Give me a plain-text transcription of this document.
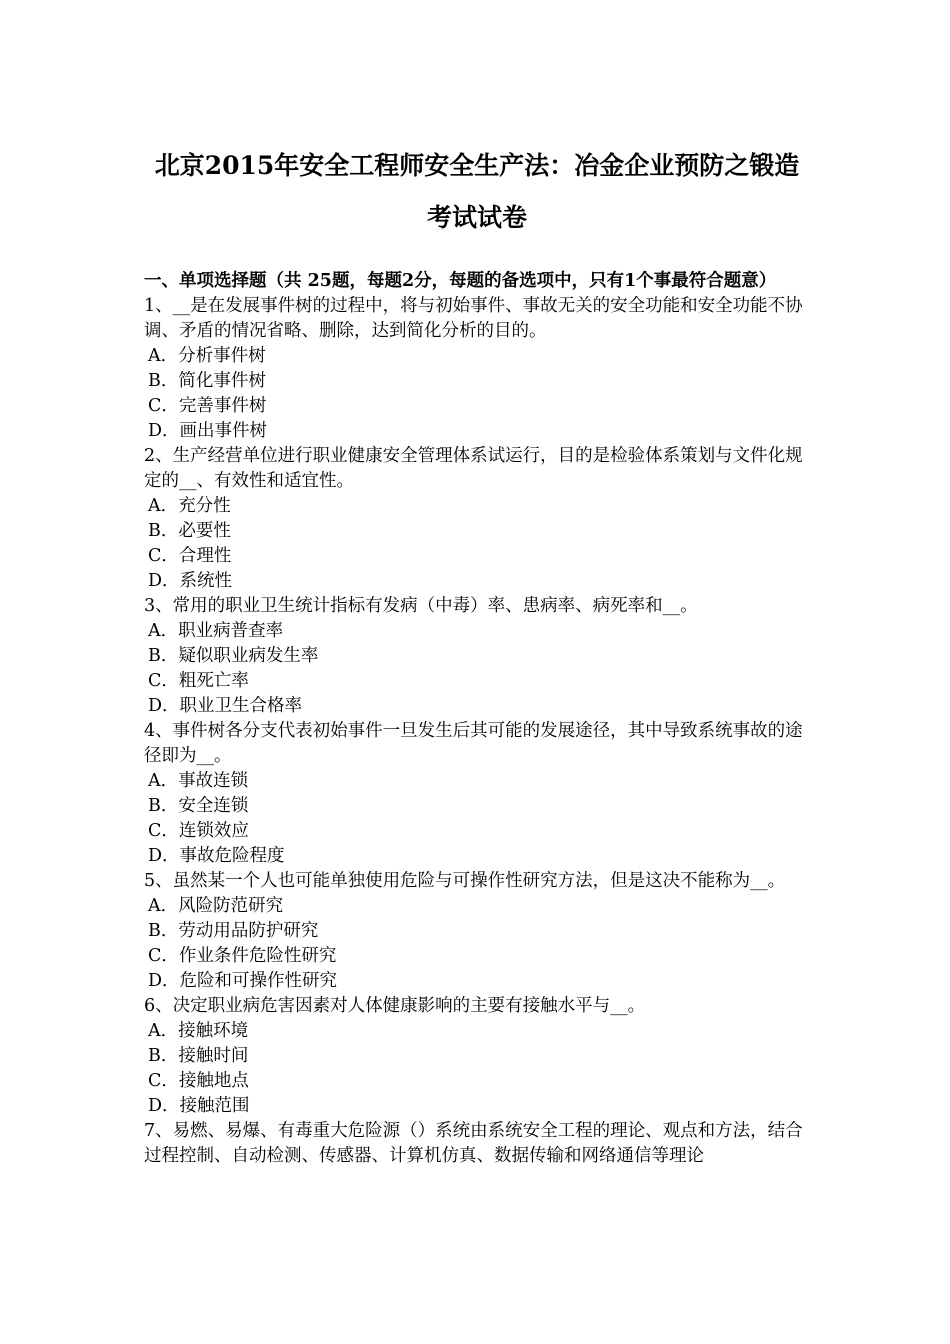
北京2015年安全工程师安全生产法：冶金企业预防之锻造
考试试卷
一、单项选择题（共 25题，每题2分，每题的备选项中，只有1个事最符合题意）

1、__是在发展事件树的过程中，将与初始事件、事故无关的安全功能和安全功能不协调、矛盾的情况省略、删除，达到简化分析的目的。

A．分析事件树
B．简化事件树
C．完善事件树
D．画出事件树

2、生产经营单位进行职业健康安全管理体系试运行，目的是检验体系策划与文件化规定的__、有效性和适宜性。

A．充分性
B．必要性
C．合理性
D．系统性

3、常用的职业卫生统计指标有发病（中毒）率、患病率、病死率和__。

A．职业病普查率
B．疑似职业病发生率
C．粗死亡率
D．职业卫生合格率

4、事件树各分支代表初始事件一旦发生后其可能的发展途径，其中导致系统事故的途径即为__。

A．事故连锁
B．安全连锁
C．连锁效应
D．事故危险程度

5、虽然某一个人也可能单独使用危险与可操作性研究方法，但是这决不能称为__。

A．风险防范研究
B．劳动用品防护研究
C．作业条件危险性研究
D．危险和可操作性研究

6、决定职业病危害因素对人体健康影响的主要有接触水平与__。

A．接触环境
B．接触时间
C．接触地点
D．接触范围

7、易燃、易爆、有毒重大危险源（）系统由系统安全工程的理论、观点和方法，结合过程控制、自动检测、传感器、计算机仿真、数据传输和网络通信等理论
